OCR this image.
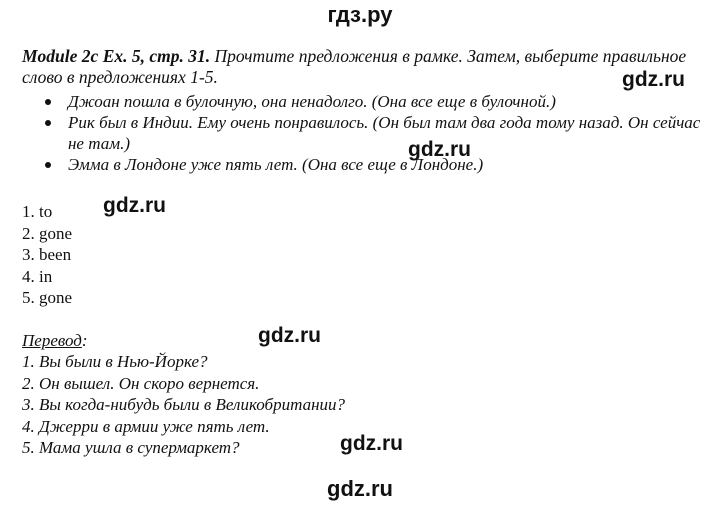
гдз.ру
Module 2c Ex. 5, стр. 31. Прочтите предложения в рамке. Затем, выберите правильное слово в предложениях 1-5.
Джоан пошла в булочную, она ненадолго. (Она все еще в булочной.)
Рик был в Индии. Ему очень понравилось. (Он был там два года тому назад. Он сейчас не там.)
Эмма в Лондоне уже пять лет. (Она все еще в Лондоне.)
1. to
2. gone
3. been
4. in
5. gone
Перевод:
1. Вы были в Нью-Йорке?
2. Он вышел. Он скоро вернется.
3. Вы когда-нибудь были в Великобритании?
4. Джерри в армии уже пять лет.
5. Мама ушла в супермаркет?
gdz.ru
gdz.ru
gdz.ru
gdz.ru
gdz.ru
gdz.ru
